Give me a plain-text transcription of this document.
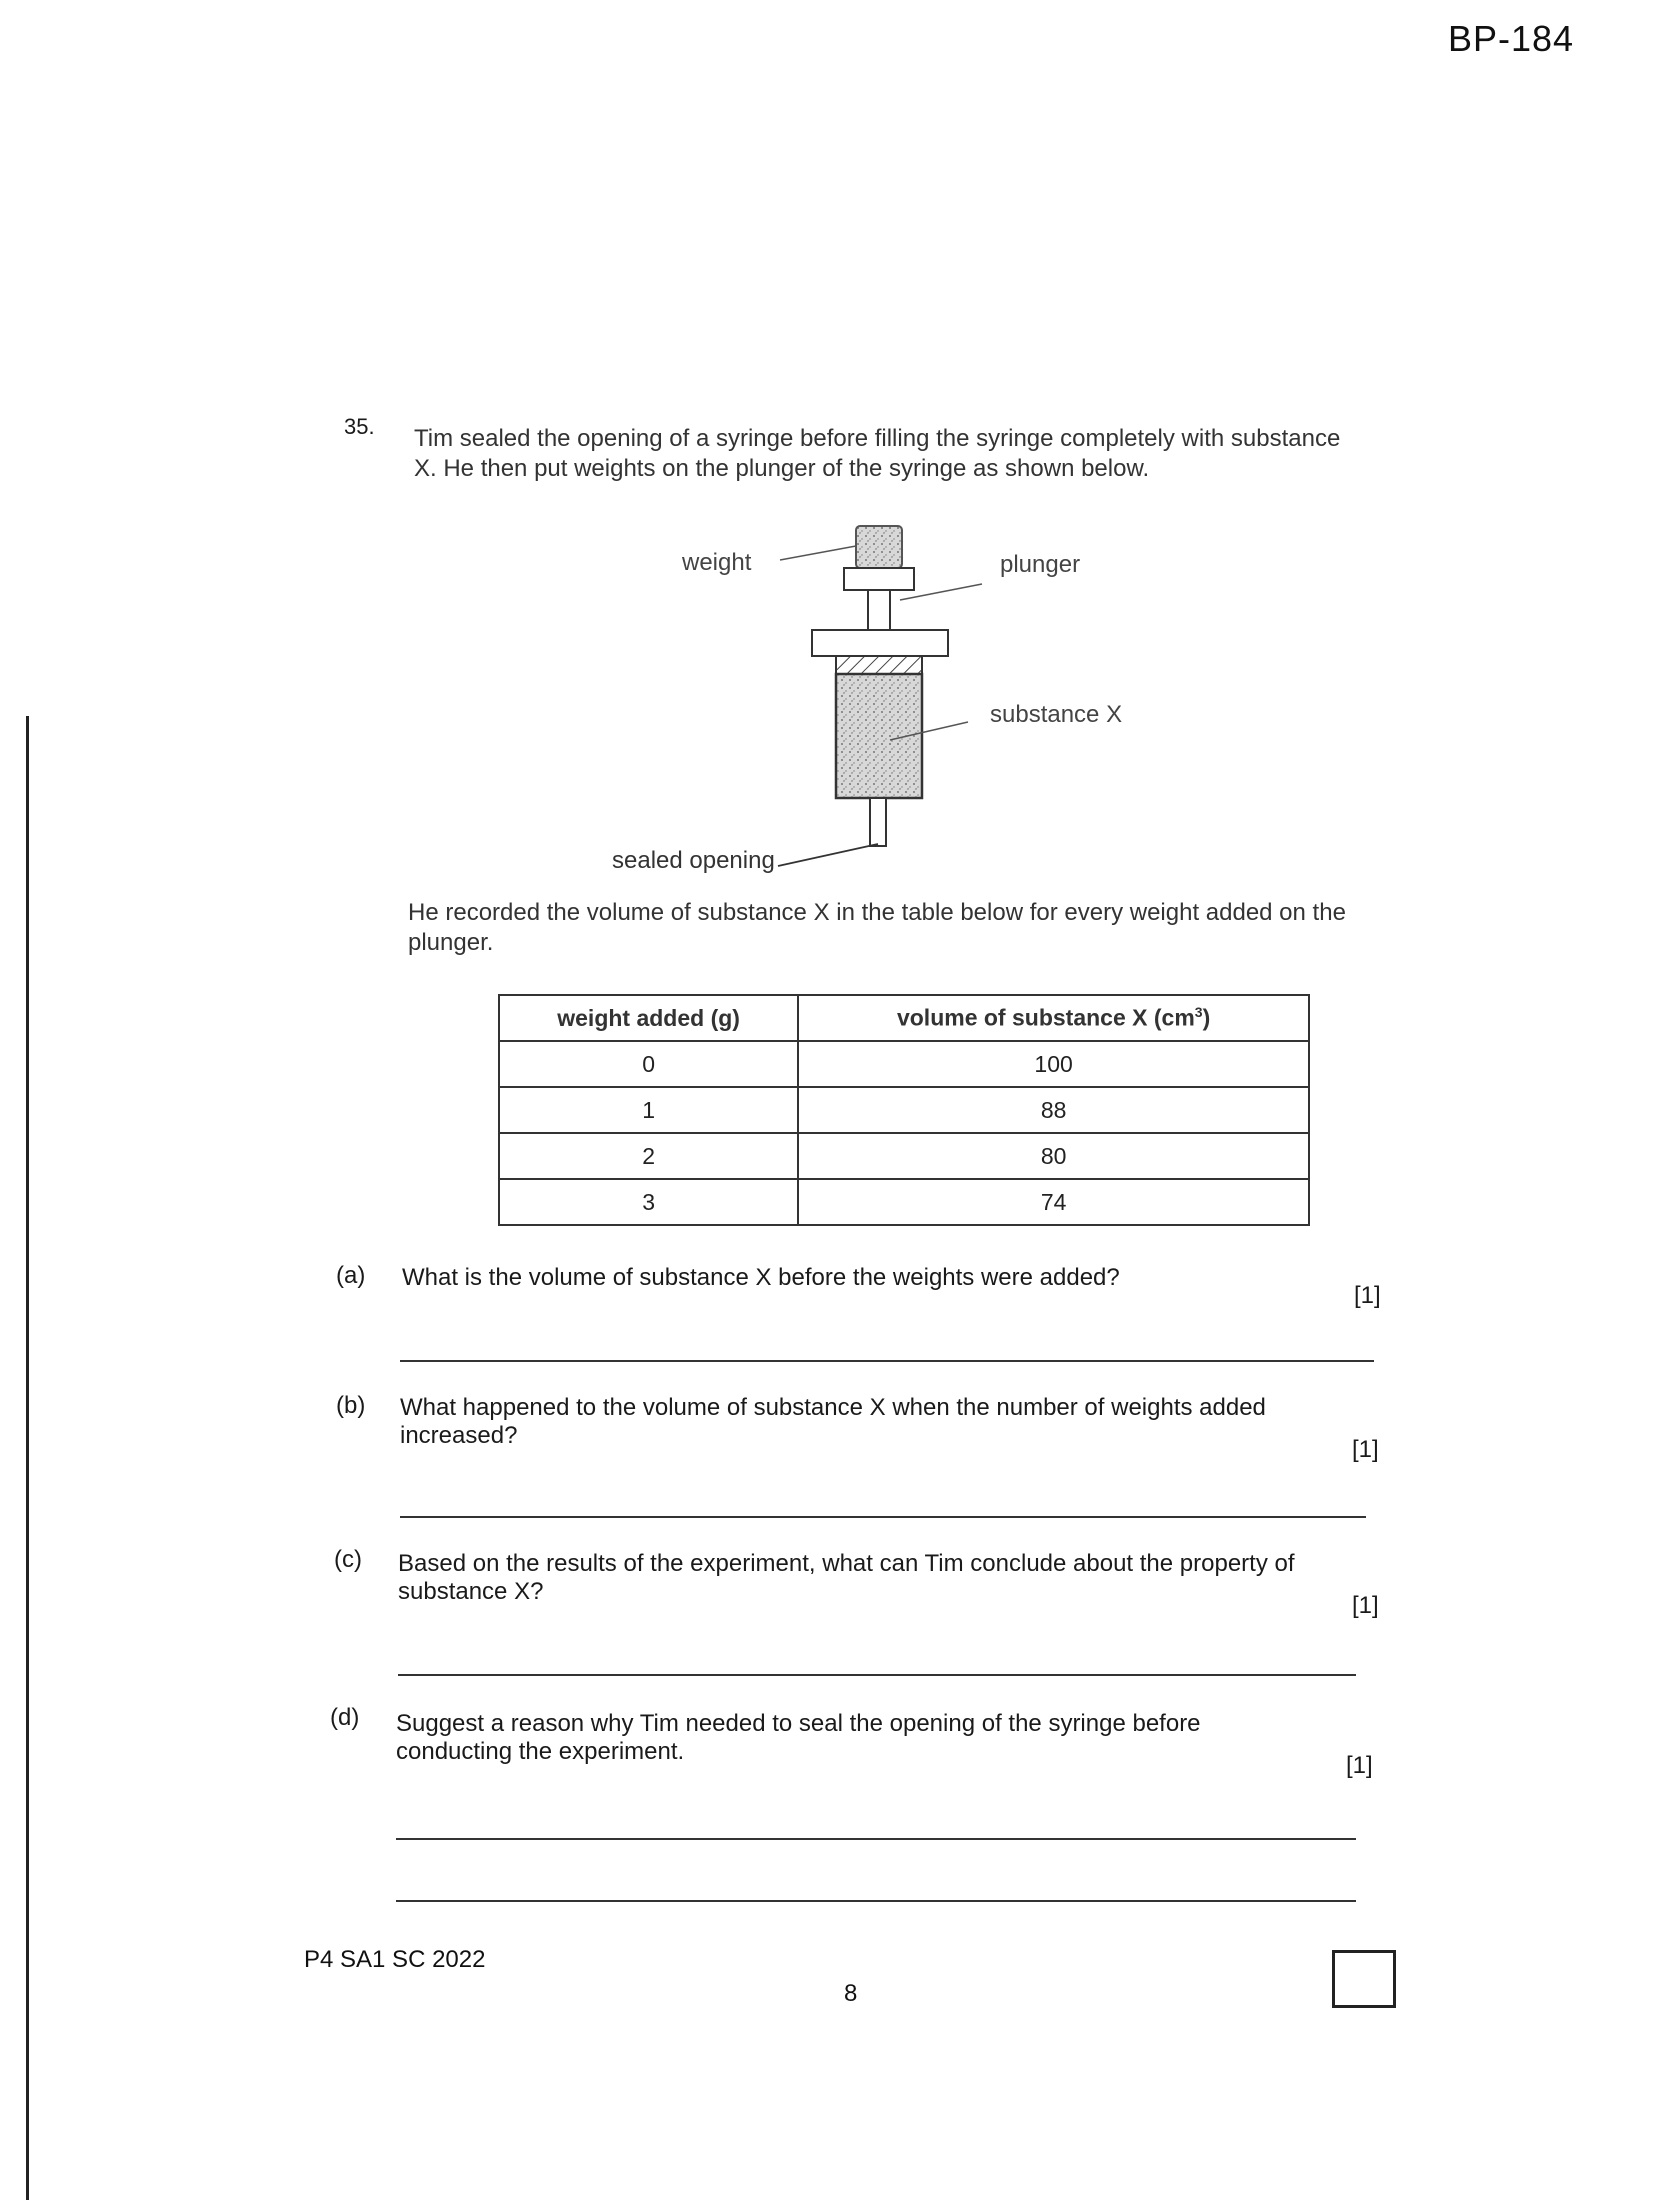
BP-184
35. Tim sealed the opening of a syringe before filling the syringe completely with substance X. He then put weights on the plunger of the syringe as shown below.
weight	plunger
substance X
sealed opening
He recorded the volume of substance X in the table below for every weight added on the plunger.
weight added (g)	volume of substance X $(cm^3)$
0	100
1	88
2	80
3	74
(a) What is the volume of substance X before the weights were added?
[1]
(b) What happened to the volume of substance X when the number of weights added increased?
[1]
(c) Based on the results of the experiment, what can Tim conclude about the property of substance X?
[1]
(d) Suggest a reason why Tim needed to seal the opening of the syringe before conducting the experiment.
[1]
P4 SA1 SC 2022
8
